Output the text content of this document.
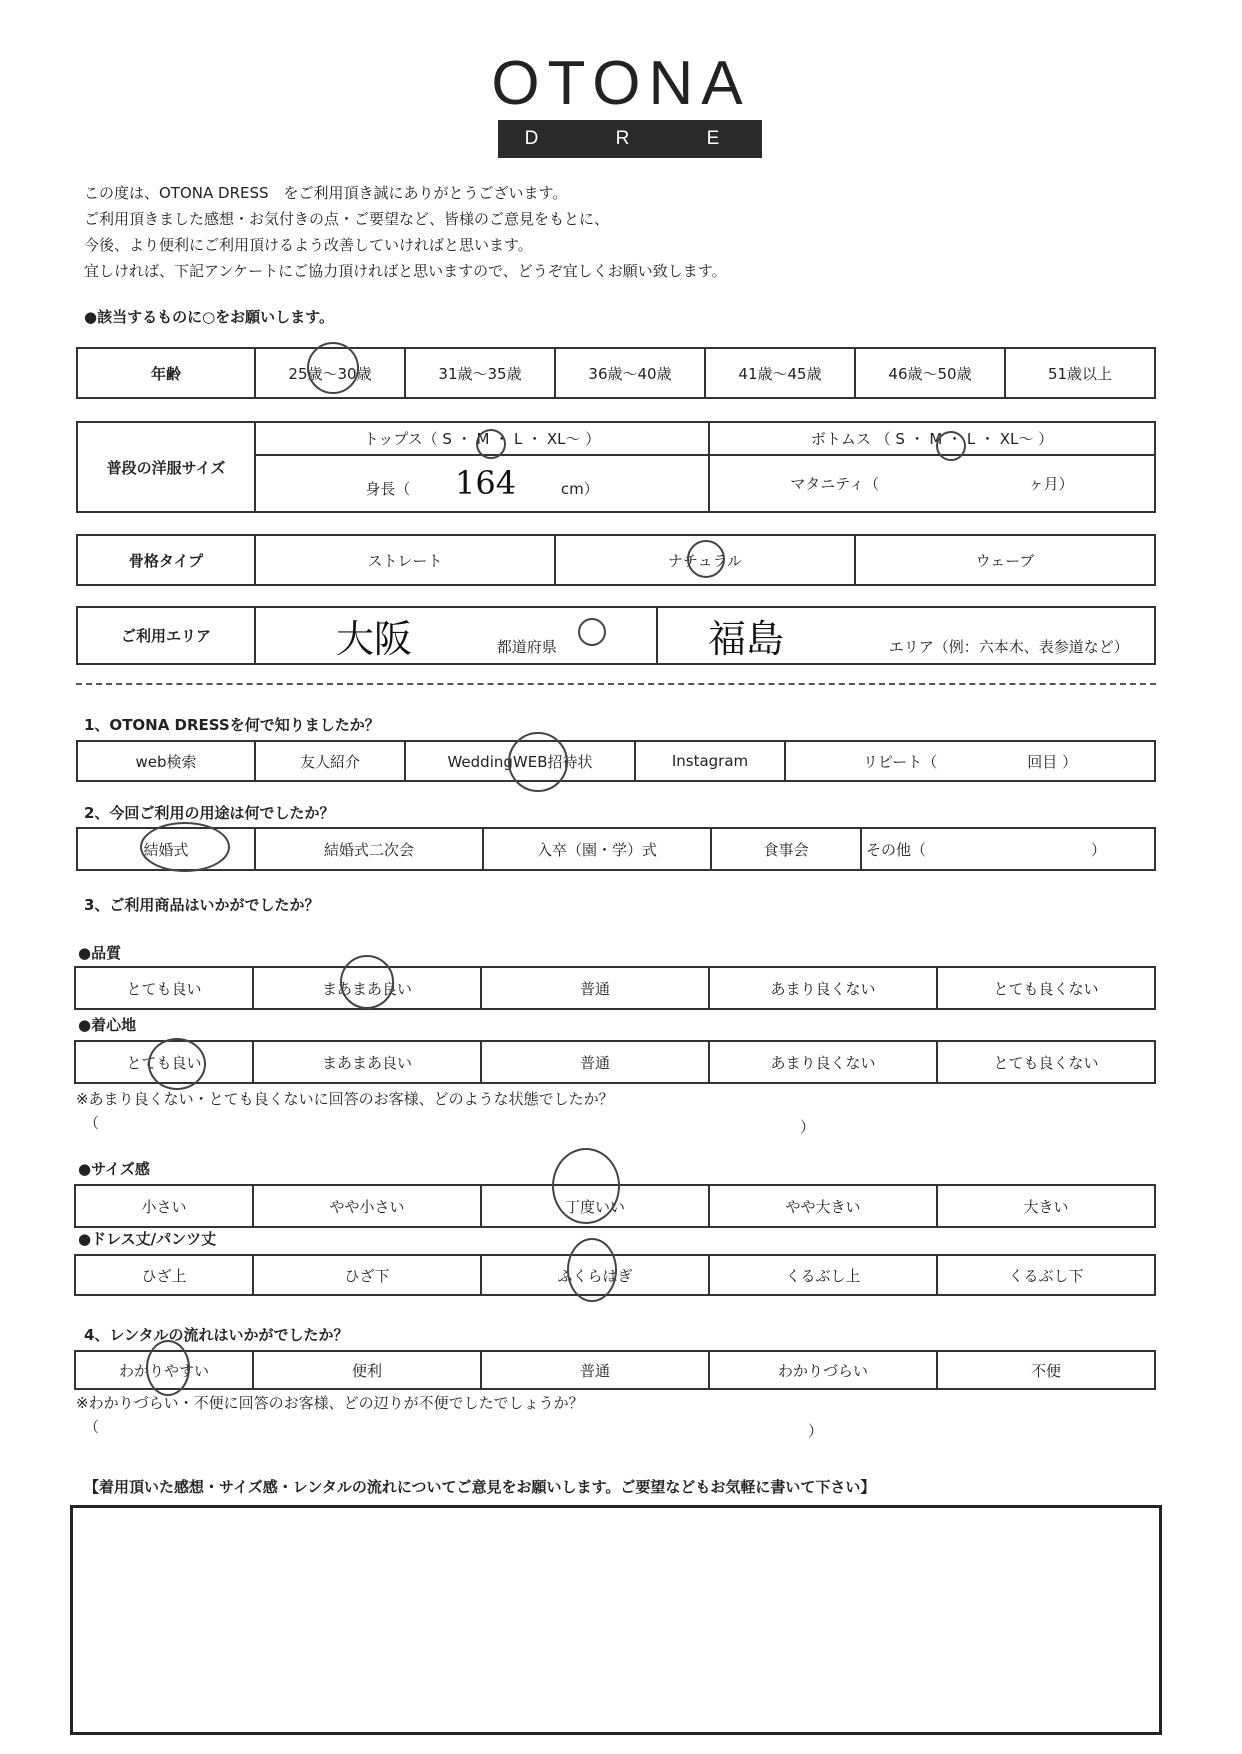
OTONA
D R E S S
この度は、OTONA DRESS　をご利用頂き誠にありがとうございます。
ご利用頂きました感想・お気付きの点・ご要望など、皆様のご意見をもとに、
今後、より便利にご利用頂けるよう改善していければと思います。
宜しければ、下記アンケートにご協力頂ければと思いますので、どうぞ宜しくお願い致します。
●該当するものに○をお願いします。
年齢	25歳〜30歳	31歳〜35歳	36歳〜40歳	41歳〜45歳	46歳〜50歳	51歳以上
普段の洋服サイズ	トップス（ S ・ M ・ L ・ XL〜 ）	ボトムス （ S ・ M ・ L ・ XL〜 ）
	身長（ 164 cm）	マタニティ（ ヶ月）
骨格タイプ	ストレート	ナチュラル	ウェーブ
ご利用エリア	大阪	都道府県	福島	エリア（例：六本木、表参道など）
1、OTONA DRESSを何で知りましたか？
web検索	友人紹介	WeddingWEB招待状	Instagram	リピート（　　　　　　回目 ）
2、今回ご利用の用途は何でしたか？
結婚式	結婚式二次会	入卒（園・学）式	食事会	その他（　　　　　　　　　　　）
3、ご利用商品はいかがでしたか？
●品質
とても良い	まあまあ良い	普通	あまり良くない	とても良くない
●着心地
とても良い	まあまあ良い	普通	あまり良くない	とても良くない
※あまり良くない・とても良くないに回答のお客様、どのような状態でしたか？
（	）
●サイズ感
小さい	やや小さい	丁度いい	やや大きい	大きい
●ドレス丈/パンツ丈
ひざ上	ひざ下	ふくらはぎ	くるぶし上	くるぶし下
4、レンタルの流れはいかがでしたか？
わかりやすい	便利	普通	わかりづらい	不便
※わかりづらい・不便に回答のお客様、どの辺りが不便でしたでしょうか？
（	）
【着用頂いた感想・サイズ感・レンタルの流れについてご意見をお願いします。ご要望などもお気軽に書いて下さい】
